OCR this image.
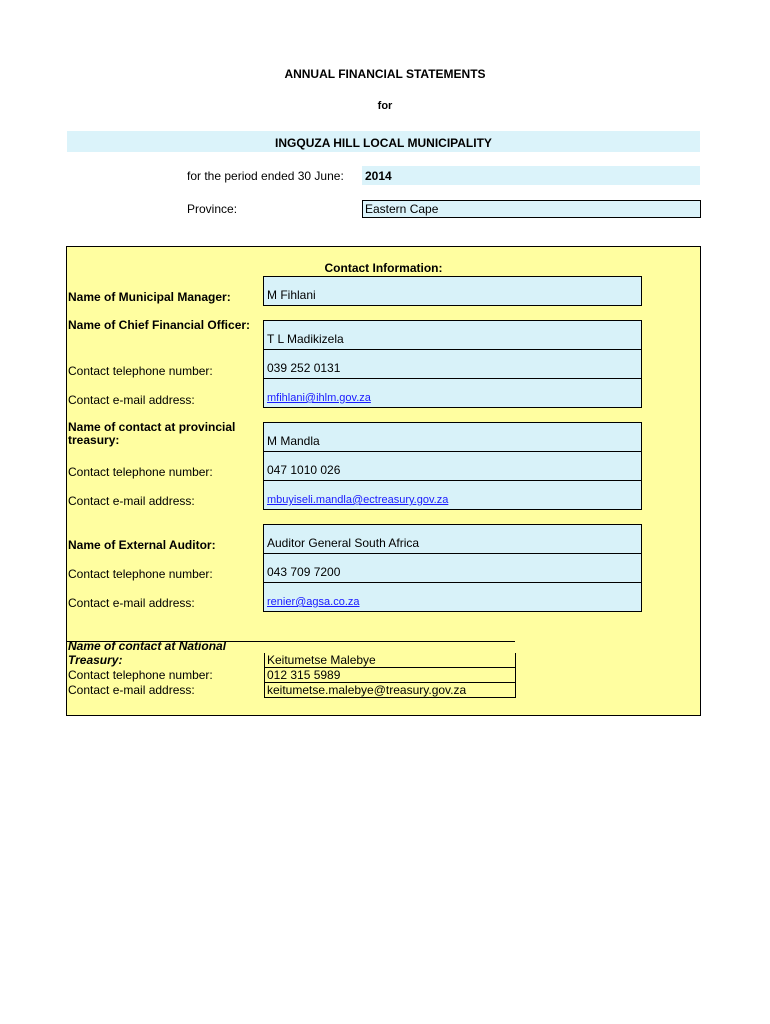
ANNUAL FINANCIAL STATEMENTS
for
INGQUZA HILL LOCAL MUNICIPALITY
for the period ended 30 June: 2014
Province:	Eastern Cape
Contact Information:
Name of Municipal Manager:	M Fihlani
Name of Chief Financial Officer:
T L Madikizela
Contact telephone number:	039 252 0131
Contact e-mail address:	mfihlani@ihlm.gov.za
Name of contact at provincial treasury:	M Mandla
Contact telephone number:	047 1010 026
Contact e-mail address:	mbuyiseli.mandla@ectreasury.gov.za
Name of External Auditor:	Auditor General South Africa
Contact telephone number:	043 709 7200
Contact e-mail address:	renier@agsa.co.za
Name of contact at National Treasury:	Keitumetse Malebye
Contact telephone number:	012 315 5989
Contact e-mail address:	keitumetse.malebye@treasury.gov.za
